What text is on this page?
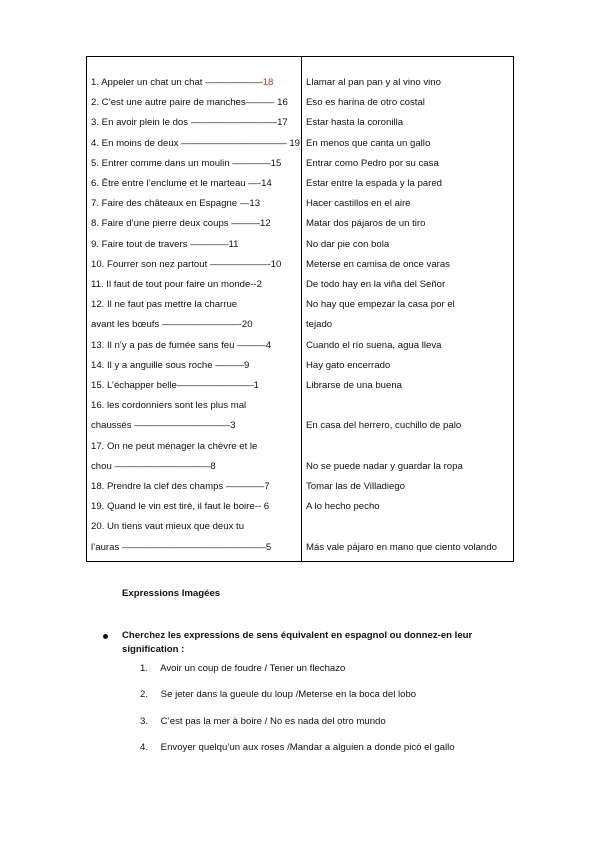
1. Appeler un chat un chat ——————18	Llamar al pan pan y al vino vino
2. C’est une autre paire de manches——— 16 Eso es harina de otro costal
3. En avoir plein le dos —————————17 Estar hasta la coronilla
4. En moins de deux ——————————— 19 En menos que canta un gallo
5. Entrer comme dans un moulin ————15	Entrar como Pedro por su casa
6. Être entre l’enclume et le marteau —-14	Estar entre la espada y la pared
7. Faire des châteaux en Espagne —13	Hacer castillos en el aire
8. Faire d’une pierre deux coups ———12	Matar dos pájaros de un tiro
9. Faire tout de travers ————11	No dar pie con bola
10. Fourrer son nez partout ——————-10	Meterse en camisa de once varas
11. Il faut de tout pour faire un monde--2	De todo hay en la viña del Señor
12. Il ne faut pas mettre la charrue	No hay que empezar la casa por el
avant les bœufs ————————-20	tejado
13. Il n’y a pas de fumée sans feu ———4	Cuando el río suena, agua lleva
14. Il y a anguille sous roche ———9	Hay gato encerrado
15. L’échapper belle————————1	Librarse de una buena
16. les cordonniers sont les plus mal
chaussés ——————————3	En casa del herrero, cuchillo de palo
17. On ne peut ménager la chèvre et le
chou ——————————8	No se puede nadar y guardar la ropa
18. Prendre la clef des champs ————7	Tomar las de Villadiego
19. Quand le vin est tiré, il faut le boire-- 6	A lo hecho pecho
20. Un tiens vaut mieux que deux tu
l’auras ———————————————5	Más vale pájaro en mano que ciento volando
Expressions Imagées
Cherchez les expressions de sens équivalent en espagnol ou donnez-en leur signification :
1. Avoir un coup de foudre / Tener un flechazo
2. Se jeter dans la gueule du loup /Meterse en la boca del lobo
3. C’est pas la mer à boire / No es nada del otro mundo
4. Envoyer quelqu’un aux roses /Mandar a alguien a donde picó el gallo
